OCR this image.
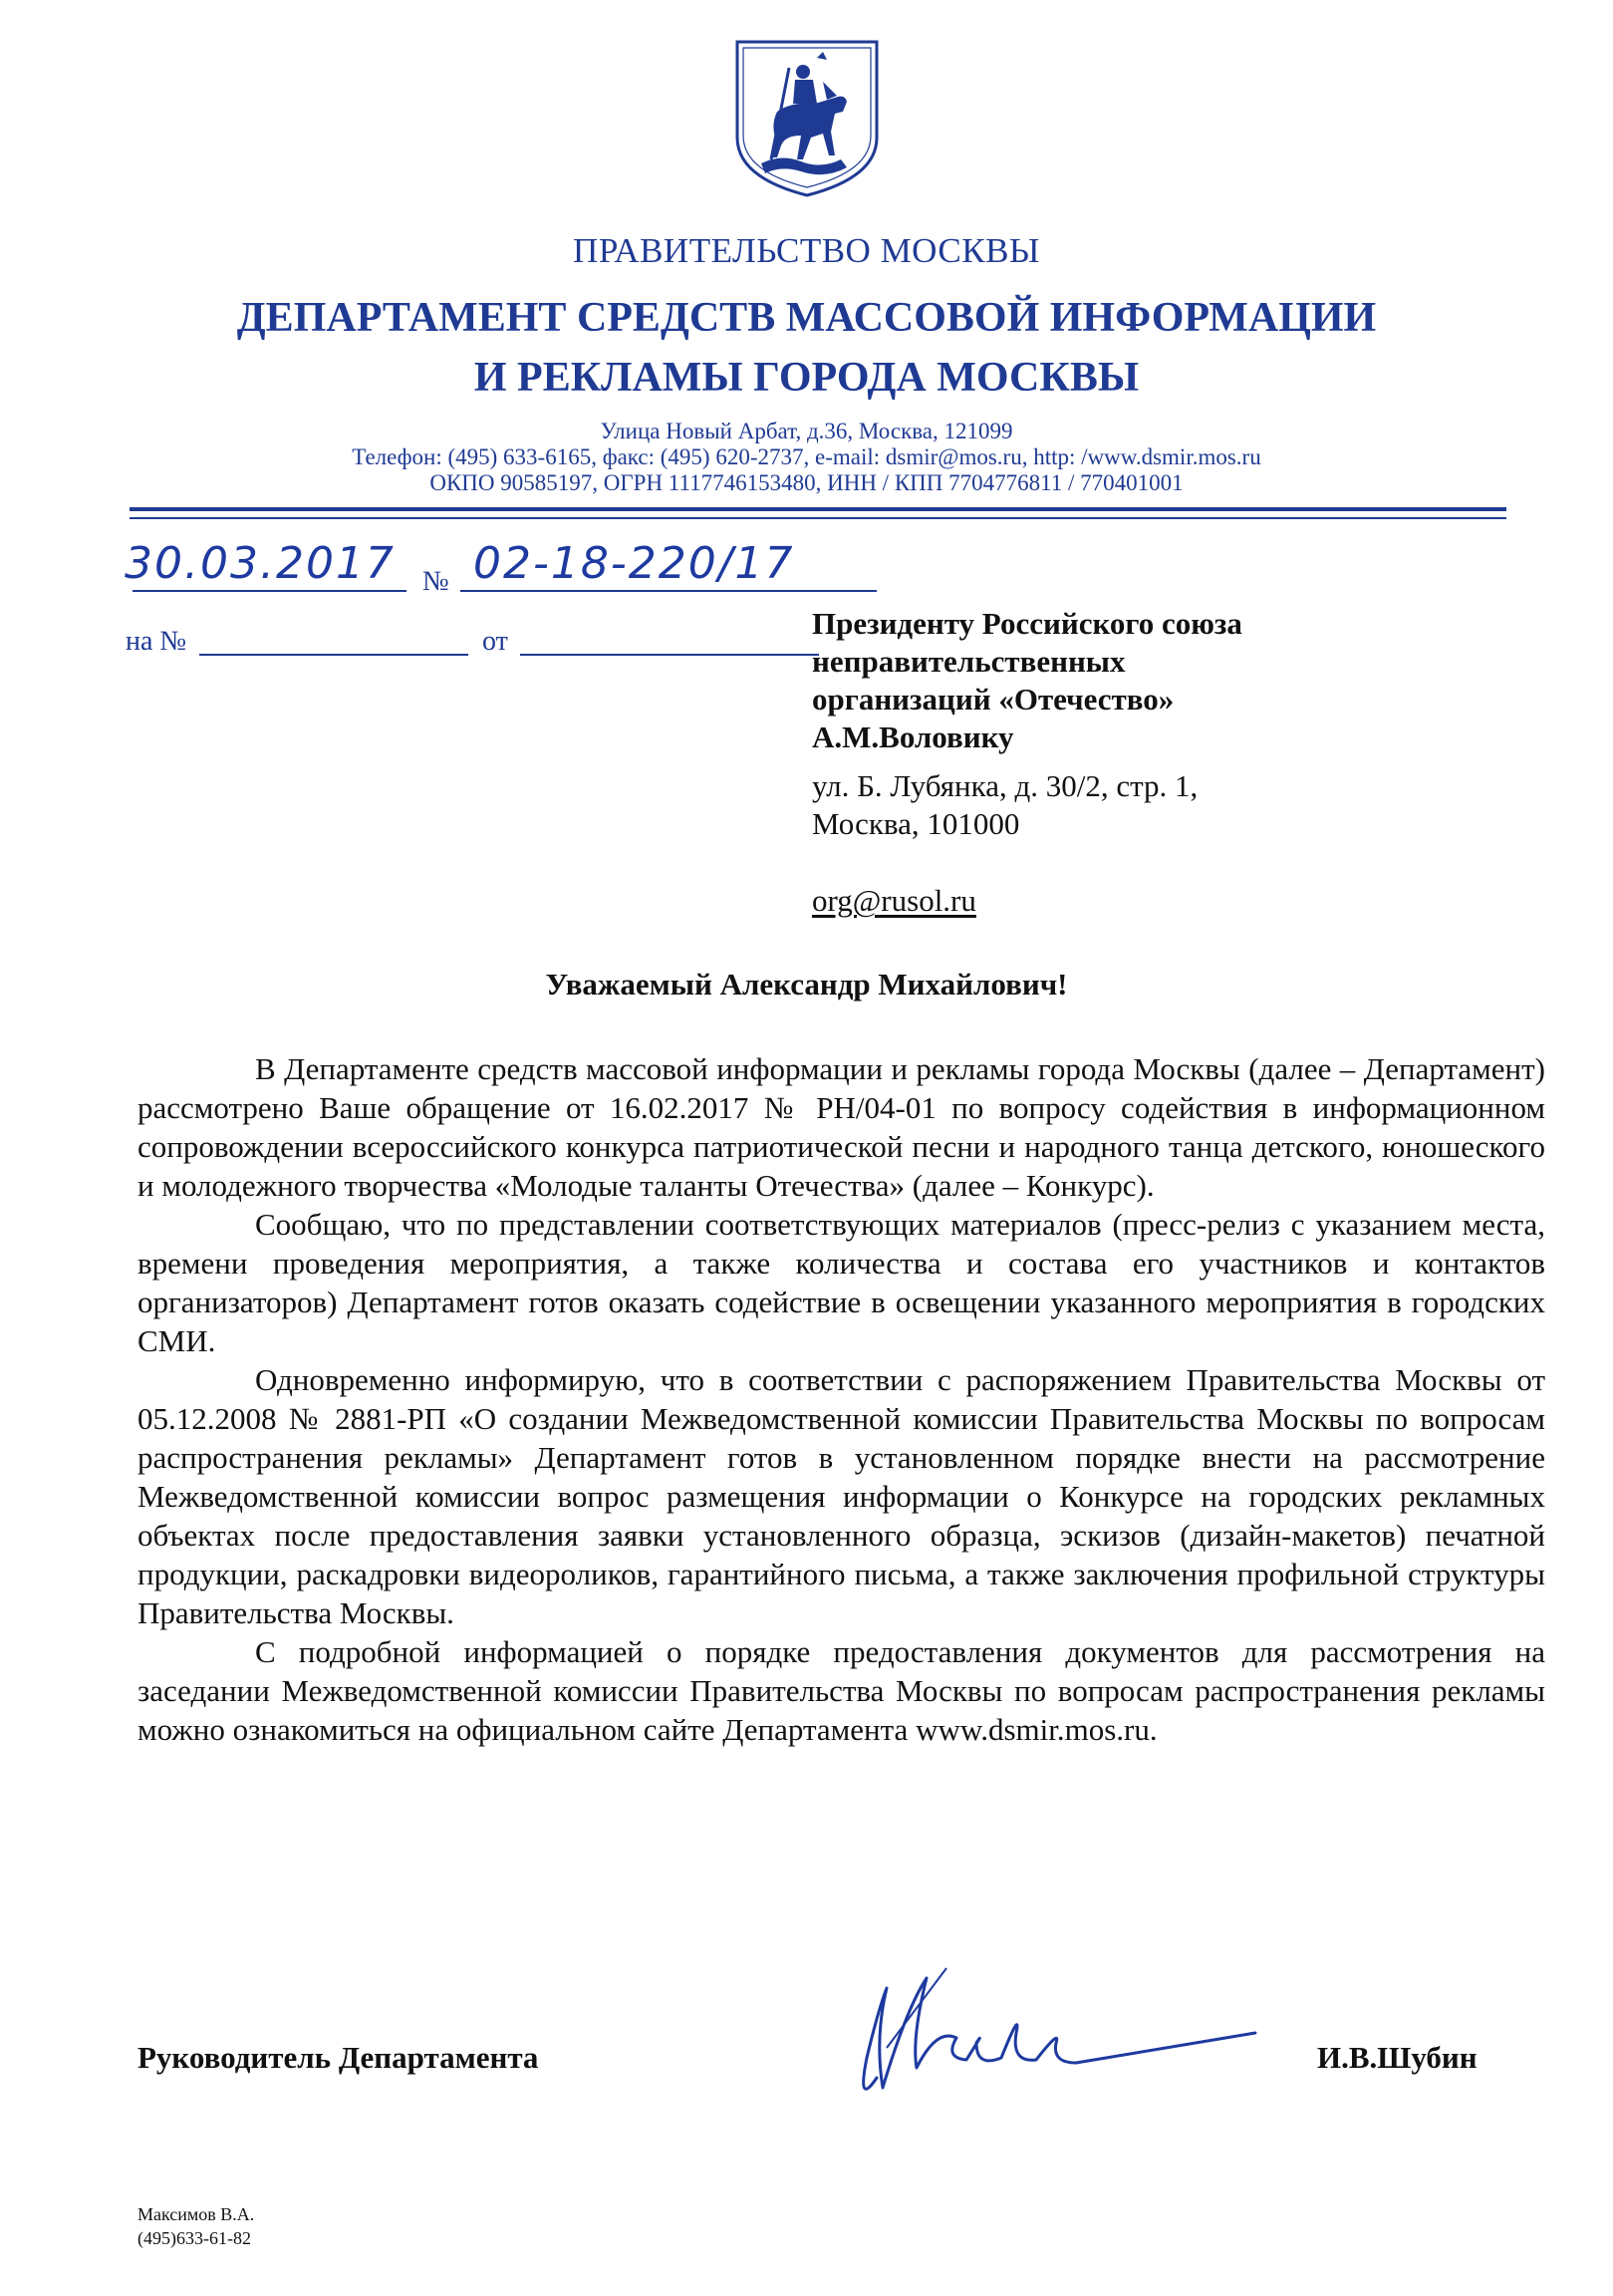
ПРАВИТЕЛЬСТВО МОСКВЫ
ДЕПАРТАМЕНТ СРЕДСТВ МАССОВОЙ ИНФОРМАЦИИ
И РЕКЛАМЫ ГОРОДА МОСКВЫ
Улица Новый Арбат, д.36, Москва, 121099
Телефон: (495) 633-6165, факс: (495) 620-2737, e-mail: dsmir@mos.ru, http: /www.dsmir.mos.ru
ОКПО 90585197, ОГРН 1117746153480, ИНН / КПП 7704776811 / 770401001
30.03.2017 № 02-18-220/17
на №	от
Президенту Российского союза
неправительственных
организаций «Отечество»
А.М.Воловику
ул. Б. Лубянка, д. 30/2, стр. 1,
Москва, 101000
org@rusol.ru
Уважаемый Александр Михайлович!

В Департаменте средств массовой информации и рекламы города Москвы (далее – Департамент) рассмотрено Ваше обращение от 16.02.2017 № РН/04-01 по вопросу содействия в информационном сопровождении всероссийского конкурса патриотической песни и народного танца детского, юношеского и молодежного творчества «Молодые таланты Отечества» (далее – Конкурс).

Сообщаю, что по представлении соответствующих материалов (пресс-релиз с указанием места, времени проведения мероприятия, а также количества и состава его участников и контактов организаторов) Департамент готов оказать содействие в освещении указанного мероприятия в городских СМИ.

Одновременно информирую, что в соответствии с распоряжением Правительства Москвы от 05.12.2008 № 2881-РП «О создании Межведомственной комиссии Правительства Москвы по вопросам распространения рекламы» Департамент готов в установленном порядке внести на рассмотрение Межведомственной комиссии вопрос размещения информации о Конкурсе на городских рекламных объектах после предоставления заявки установленного образца, эскизов (дизайн-макетов) печатной продукции, раскадровки видеороликов, гарантийного письма, а также заключения профильной структуры Правительства Москвы.

С подробной информацией о порядке предоставления документов для рассмотрения на заседании Межведомственной комиссии Правительства Москвы по вопросам распространения рекламы можно ознакомиться на официальном сайте Департамента www.dsmir.mos.ru.

Руководитель Департамента	И.В.Шубин
Максимов В.А.
(495)633-61-82
